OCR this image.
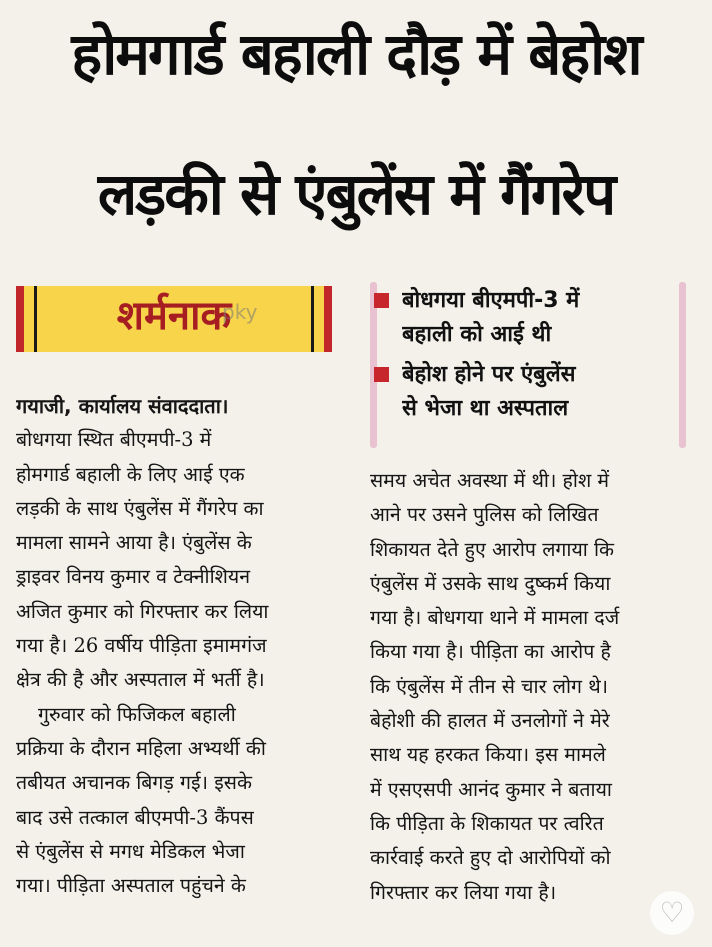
होमगार्ड बहाली दौड़ में बेहोश
लड़की से एंबुलेंस में गैंगरेप
शर्मनाक
pky	बोधगया बीएमपी-3 में
बहाली को आई थी
बेहोश होने पर एंबुलेंस
से भेजा था अस्पताल
गयाजी, कार्यालय संवाददाता।
बोधगया स्थित बीएमपी-3 में
होमगार्ड बहाली के लिए आई एक
लड़की के साथ एंबुलेंस में गैंगरेप का
मामला सामने आया है। एंबुलेंस के
ड्राइवर विनय कुमार व टेक्नीशियन
अजित कुमार को गिरफ्तार कर लिया
गया है। 26 वर्षीय पीड़िता इमामगंज
क्षेत्र की है और अस्पताल में भर्ती है।
गुरुवार को फिजिकल बहाली
प्रक्रिया के दौरान महिला अभ्यर्थी की
तबीयत अचानक बिगड़ गई। इसके
बाद उसे तत्काल बीएमपी-3 कैंपस
से एंबुलेंस से मगध मेडिकल भेजा
गया। पीड़िता अस्पताल पहुंचने के
समय अचेत अवस्था में थी। होश में
आने पर उसने पुलिस को लिखित
शिकायत देते हुए आरोप लगाया कि
एंबुलेंस में उसके साथ दुष्कर्म किया
गया है। बोधगया थाने में मामला दर्ज
किया गया है। पीड़िता का आरोप है
कि एंबुलेंस में तीन से चार लोग थे।
बेहोशी की हालत में उनलोगों ने मेरे
साथ यह हरकत किया। इस मामले
में एसएसपी आनंद कुमार ने बताया
कि पीड़िता के शिकायत पर त्वरित
कार्रवाई करते हुए दो आरोपियों को
गिरफ्तार कर लिया गया है।
♡
